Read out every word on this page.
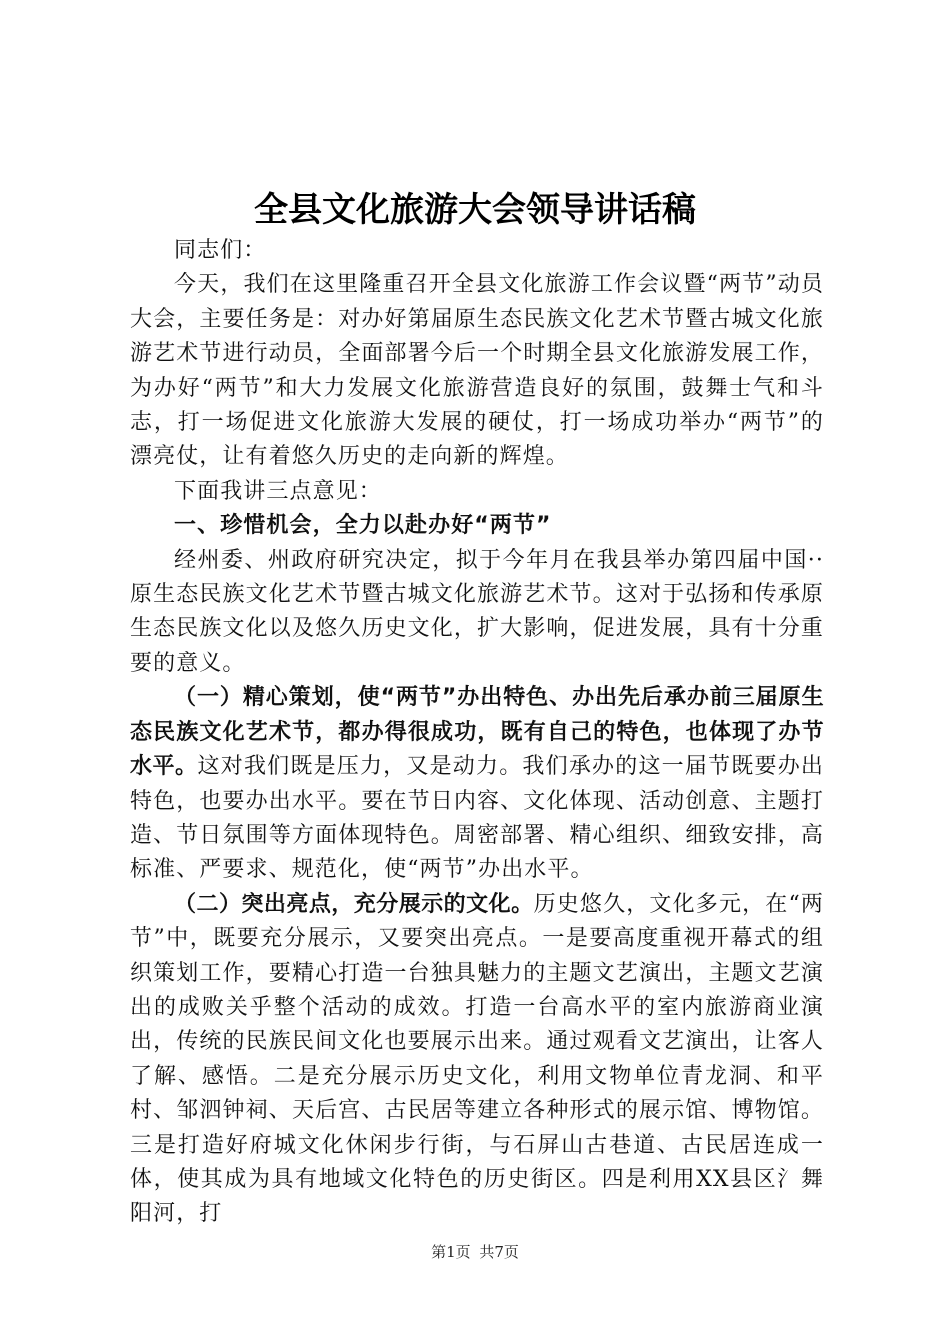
全县文化旅游大会领导讲话稿

同志们：

今天，我们在这里隆重召开全县文化旅游工作会议暨“两节”动员大会，主要任务是：对办好第届原生态民族文化艺术节暨古城文化旅游艺术节进行动员，全面部署今后一个时期全县文化旅游发展工作，为办好“两节”和大力发展文化旅游营造良好的氛围，鼓舞士气和斗志，打一场促进文化旅游大发展的硬仗，打一场成功举办“两节”的漂亮仗，让有着悠久历史的走向新的辉煌。

下面我讲三点意见：

一、珍惜机会，全力以赴办好“两节”

经州委、州政府研究决定，拟于今年月在我县举办第四届中国··原生态民族文化艺术节暨古城文化旅游艺术节。这对于弘扬和传承原生态民族文化以及悠久历史文化，扩大影响，促进发展，具有十分重要的意义。

（一）精心策划，使“两节”办出特色、办出先后承办前三届原生态民族文化艺术节，都办得很成功，既有自己的特色，也体现了办节水平。这对我们既是压力，又是动力。我们承办的这一届节既要办出特色，也要办出水平。要在节日内容、文化体现、活动创意、主题打造、节日氛围等方面体现特色。周密部署、精心组织、细致安排，高标准、严要求、规范化，使“两节”办出水平。

（二）突出亮点，充分展示的文化。历史悠久，文化多元，在“两节”中，既要充分展示，又要突出亮点。一是要高度重视开幕式的组织策划工作，要精心打造一台独具魅力的主题文艺演出，主题文艺演出的成败关乎整个活动的成效。打造一台高水平的室内旅游商业演出，传统的民族民间文化也要展示出来。通过观看文艺演出，让客人了解、感悟。二是充分展示历史文化，利用文物单位青龙洞、和平村、邹泗钟祠、天后宫、古民居等建立各种形式的展示馆、博物馆。三是打造好府城文化休闲步行街，与石屏山古巷道、古民居连成一体，使其成为具有地域文化特色的历史街区。四是利用XX县区氵舞阳河，打

第1页 共7页
